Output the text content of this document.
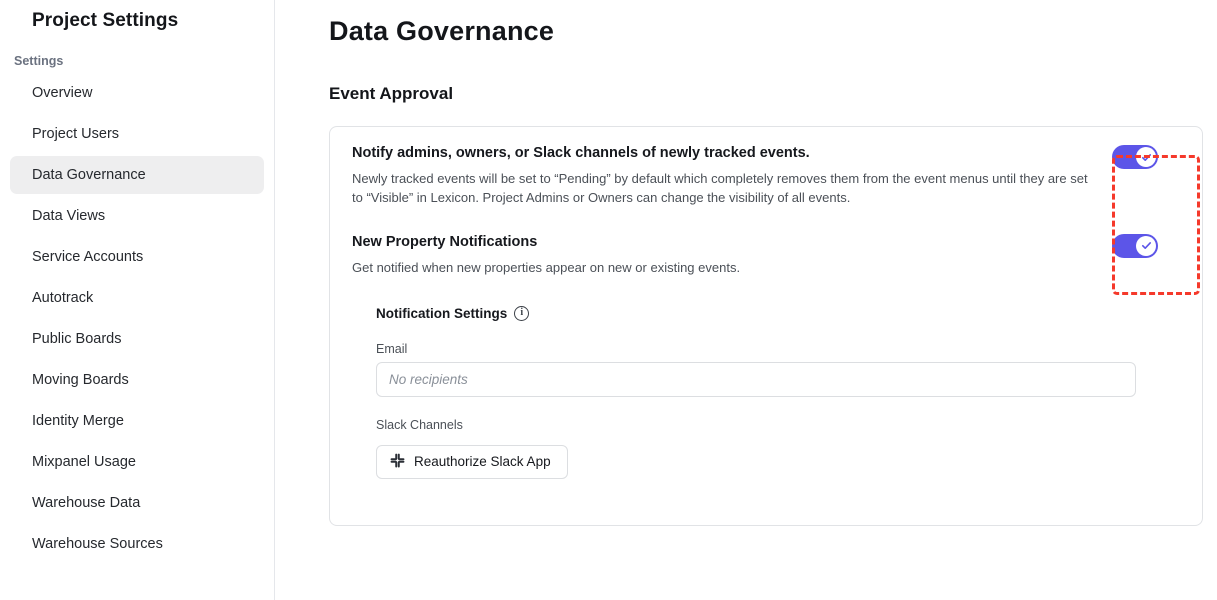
Project Settings
Settings
Overview
Project Users
Data Governance
Data Views
Service Accounts
Autotrack
Public Boards
Moving Boards
Identity Merge
Mixpanel Usage
Warehouse Data
Warehouse Sources
Data Governance
Event Approval

Notify admins, owners, or Slack channels of newly tracked events.

Newly tracked events will be set to “Pending” by default which completely removes them from the event menus until they are set to “Visible” in Lexicon. Project Admins or Owners can change the visibility of all events.

New Property Notifications

Get notified when new properties appear on new or existing events.

Notification Settings	i
Email
No recipients
Slack Channels
Reauthorize Slack App
